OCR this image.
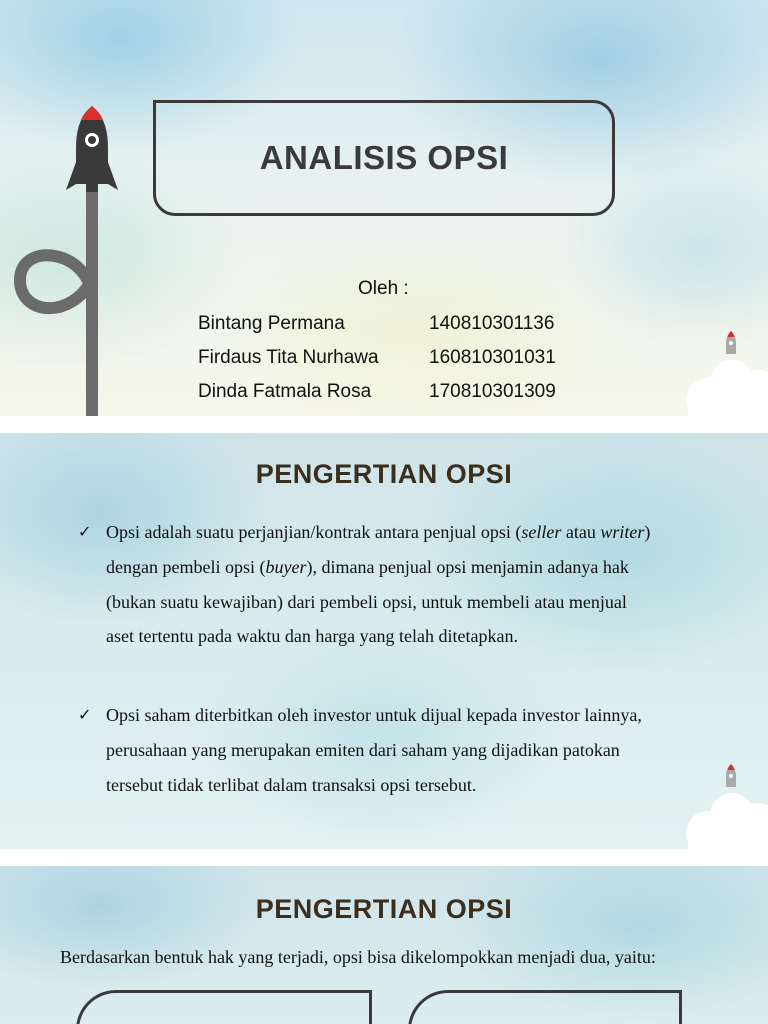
ANALISIS OPSI
Oleh :
Bintang Permana	140810301136
Firdaus Tita Nurhawa	160810301031
Dinda Fatmala Rosa	170810301309
PENGERTIAN OPSI
✓ Opsi adalah suatu perjanjian/kontrak antara penjual opsi (seller atau writer)
dengan pembeli opsi (buyer), dimana penjual opsi menjamin adanya hak
(bukan suatu kewajiban) dari pembeli opsi, untuk membeli atau menjual
aset tertentu pada waktu dan harga yang telah ditetapkan.
✓ Opsi saham diterbitkan oleh investor untuk dijual kepada investor lainnya,
perusahaan yang merupakan emiten dari saham yang dijadikan patokan
tersebut tidak terlibat dalam transaksi opsi tersebut.
PENGERTIAN OPSI
Berdasarkan bentuk hak yang terjadi, opsi bisa dikelompokkan menjadi dua, yaitu:
